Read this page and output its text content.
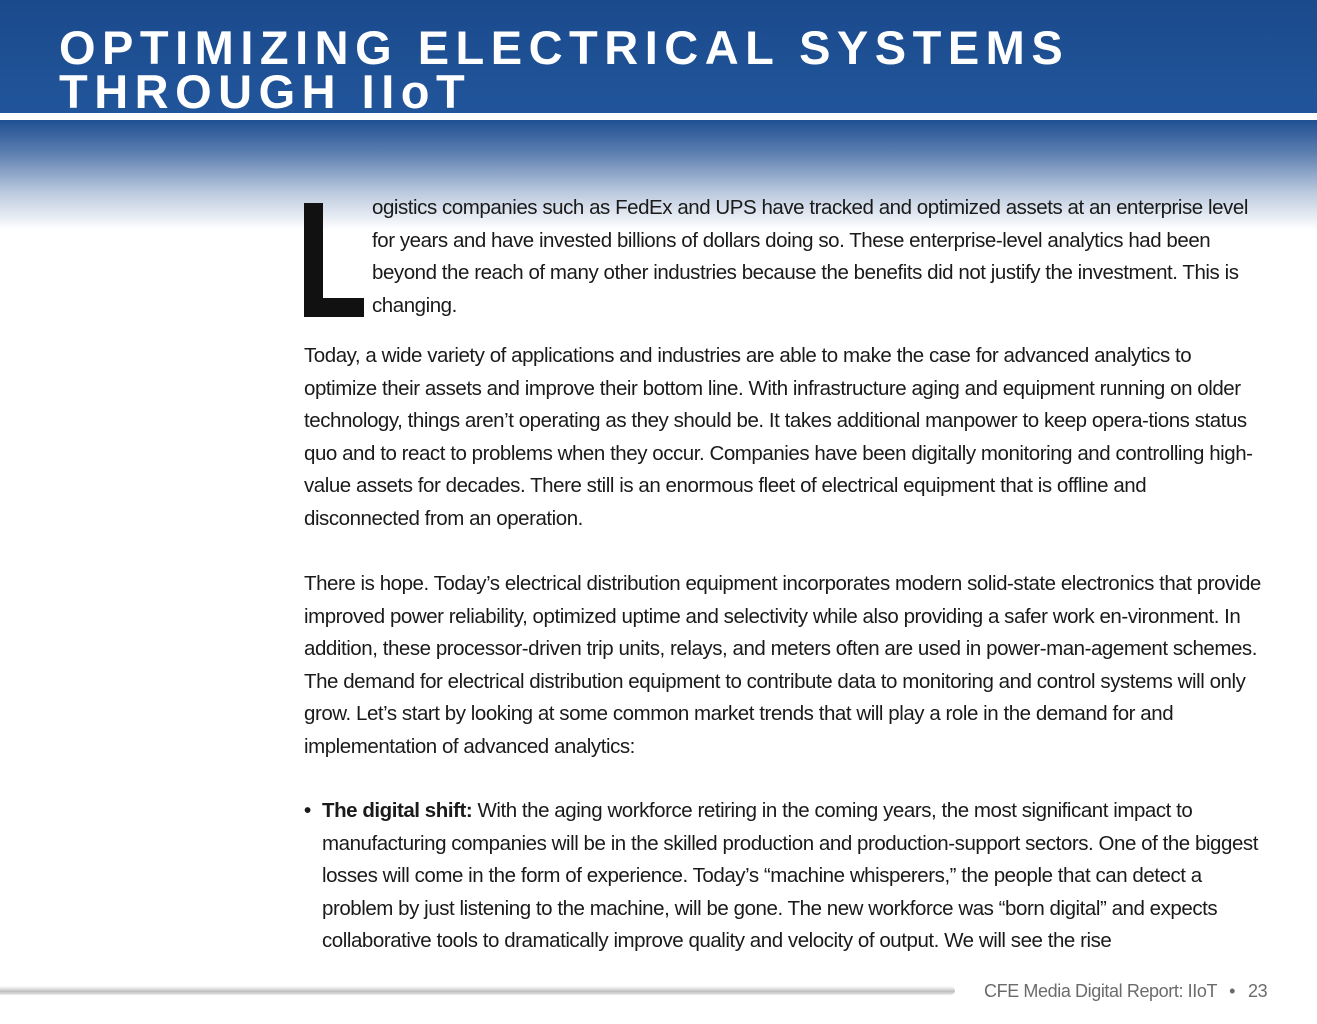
OPTIMIZING ELECTRICAL SYSTEMS
THROUGH IIoT

ogistics companies such as FedEx and UPS have tracked and optimized assets at an enterprise level for years and have invested billions of dollars doing so. These enterprise-level analytics had been beyond the reach of many other industries because the benefits did not justify the investment. This is changing.

Today, a wide variety of applications and industries are able to make the case for advanced analytics to optimize their assets and improve their bottom line. With infrastructure aging and equipment running on older technology, things aren’t operating as they should be. It takes additional manpower to keep opera-tions status quo and to react to problems when they occur. Companies have been digitally monitoring and controlling high-value assets for decades. There still is an enormous fleet of electrical equipment that is offline and disconnected from an operation.

There is hope. Today’s electrical distribution equipment incorporates modern solid-state electronics that provide improved power reliability, optimized uptime and selectivity while also providing a safer work en-vironment. In addition, these processor-driven trip units, relays, and meters often are used in power-man-agement schemes. The demand for electrical distribution equipment to contribute data to monitoring and control systems will only grow. Let’s start by looking at some common market trends that will play a role in the demand for and implementation of advanced analytics:

• The digital shift: With the aging workforce retiring in the coming years, the most significant impact to manufacturing companies will be in the skilled production and production-support sectors. One of the biggest losses will come in the form of experience. Today’s “machine whisperers,” the people that can detect a problem by just listening to the machine, will be gone. The new workforce was “born digital” and expects collaborative tools to dramatically improve quality and velocity of output. We will see the rise
CFE Media Digital Report: IIoT • 23
